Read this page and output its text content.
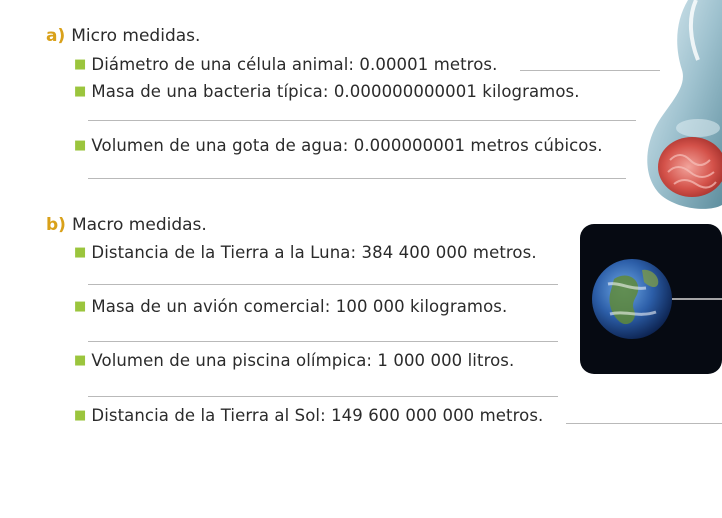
a) Micro medidas.
■ Diámetro de una célula animal: 0.00001 metros.
■ Masa de una bacteria típica: 0.000000000001 kilogramos.
■ Volumen de una gota de agua: 0.000000001 metros cúbicos.
b) Macro medidas.
■ Distancia de la Tierra a la Luna: 384 400 000 metros.
■ Masa de un avión comercial: 100 000 kilogramos.
■ Volumen de una piscina olímpica: 1 000 000 litros.
■ Distancia de la Tierra al Sol: 149 600 000 000 metros.
